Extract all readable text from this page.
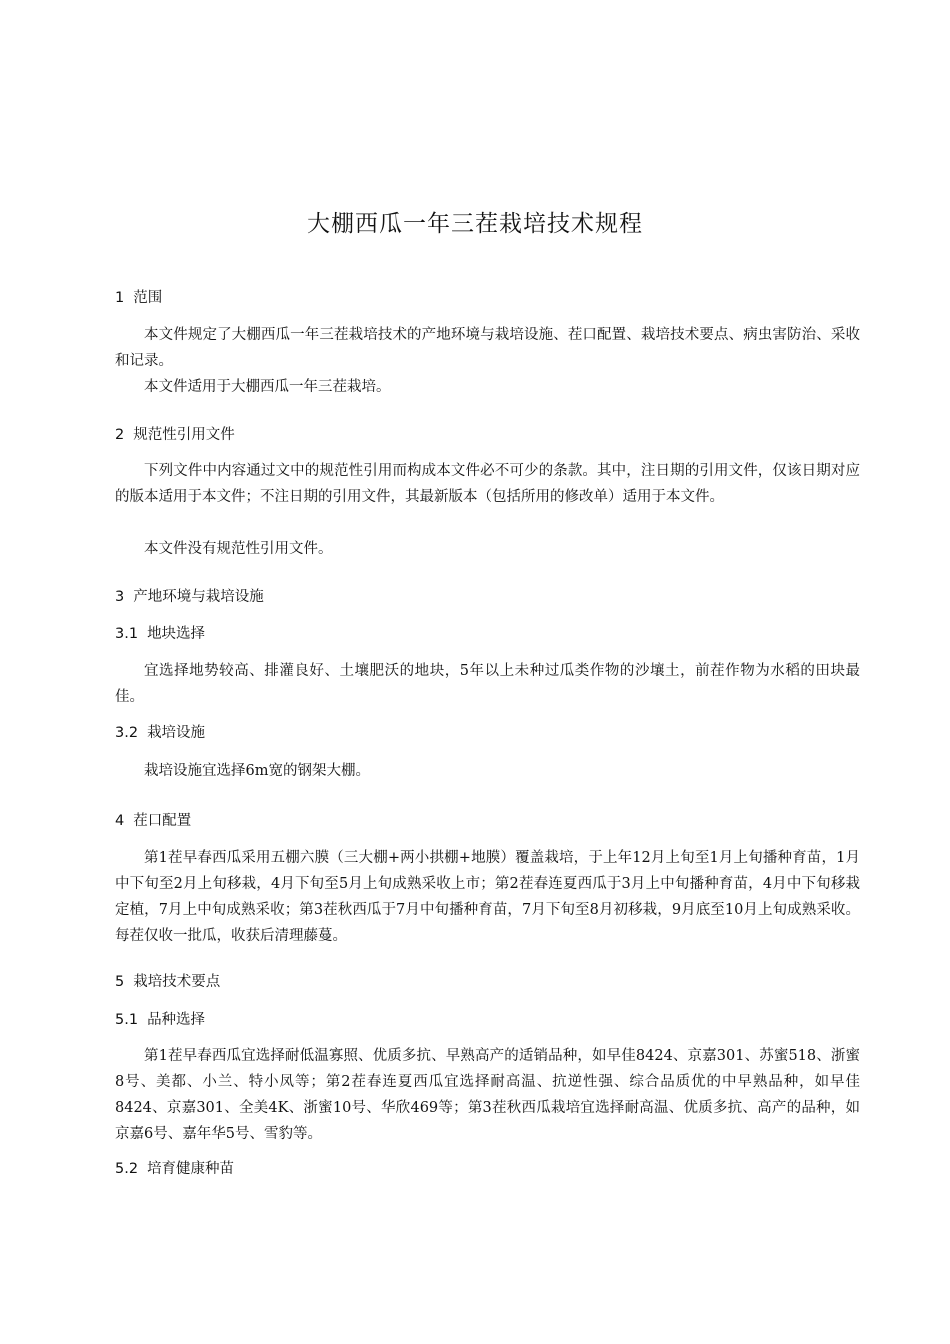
大棚西瓜一年三茬栽培技术规程
1 范围

本文件规定了大棚西瓜一年三茬栽培技术的产地环境与栽培设施、茬口配置、栽培技术要点、病虫害防治、采收和记录。

本文件适用于大棚西瓜一年三茬栽培。

2 规范性引用文件

下列文件中内容通过文中的规范性引用而构成本文件必不可少的条款。其中，注日期的引用文件，仅该日期对应的版本适用于本文件；不注日期的引用文件，其最新版本（包括所用的修改单）适用于本文件。

本文件没有规范性引用文件。

3 产地环境与栽培设施
3.1 地块选择

宜选择地势较高、排灌良好、土壤肥沃的地块，5年以上未种过瓜类作物的沙壤土，前茬作物为水稻的田块最佳。

3.2 栽培设施

栽培设施宜选择6m宽的钢架大棚。

4 茬口配置

第1茬早春西瓜采用五棚六膜（三大棚+两小拱棚+地膜）覆盖栽培，于上年12月上旬至1月上旬播种育苗，1月中下旬至2月上旬移栽，4月下旬至5月上旬成熟采收上市；第2茬春连夏西瓜于3月上中旬播种育苗，4月中下旬移栽定植，7月上中旬成熟采收；第3茬秋西瓜于7月中旬播种育苗，7月下旬至8月初移栽，9月底至10月上旬成熟采收。每茬仅收一批瓜，收获后清理藤蔓。

5 栽培技术要点
5.1 品种选择

第1茬早春西瓜宜选择耐低温寡照、优质多抗、早熟高产的适销品种，如早佳8424、京嘉301、苏蜜518、浙蜜8号、美都、小兰、特小凤等；第2茬春连夏西瓜宜选择耐高温、抗逆性强、综合品质优的中早熟品种，如早佳8424、京嘉301、全美4K、浙蜜10号、华欣469等；第3茬秋西瓜栽培宜选择耐高温、优质多抗、高产的品种，如京嘉6号、嘉年华5号、雪豹等。

5.2 培育健康种苗
